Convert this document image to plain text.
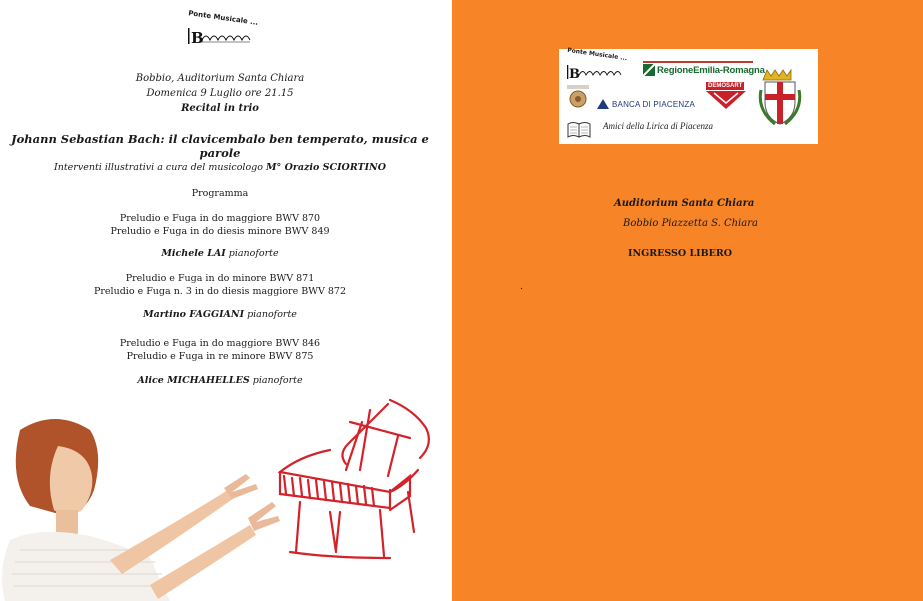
Ponte Musicale ...
B
Bobbio, Auditorium Santa Chiara
Domenica 9 Luglio ore 21.15
Recital in trio
Johann Sebastian Bach: il clavicembalo ben temperato, musica e parole
Interventi illustrativi a cura del musicologo M° Orazio SCIORTINO
Programma
Preludio e Fuga in do maggiore BWV 870
Preludio e Fuga in do diesis minore BWV 849
Michele LAI pianoforte
Preludio e Fuga in do minore BWV 871
Preludio e Fuga n. 3 in do diesis maggiore BWV 872
Martino FAGGIANI pianoforte
Preludio e Fuga in do maggiore BWV 846
Preludio e Fuga in re minore BWV 875
Alice MICHAHELLES pianoforte
Ponte Musicale ...
B	RegioneEmilia-Romagna
BANCA DI PIACENZA
DEMOSART
Amici della Lirica di Piacenza
Auditorium Santa Chiara
Bobbio Piazzetta S. Chiara
INGRESSO LIBERO
.
